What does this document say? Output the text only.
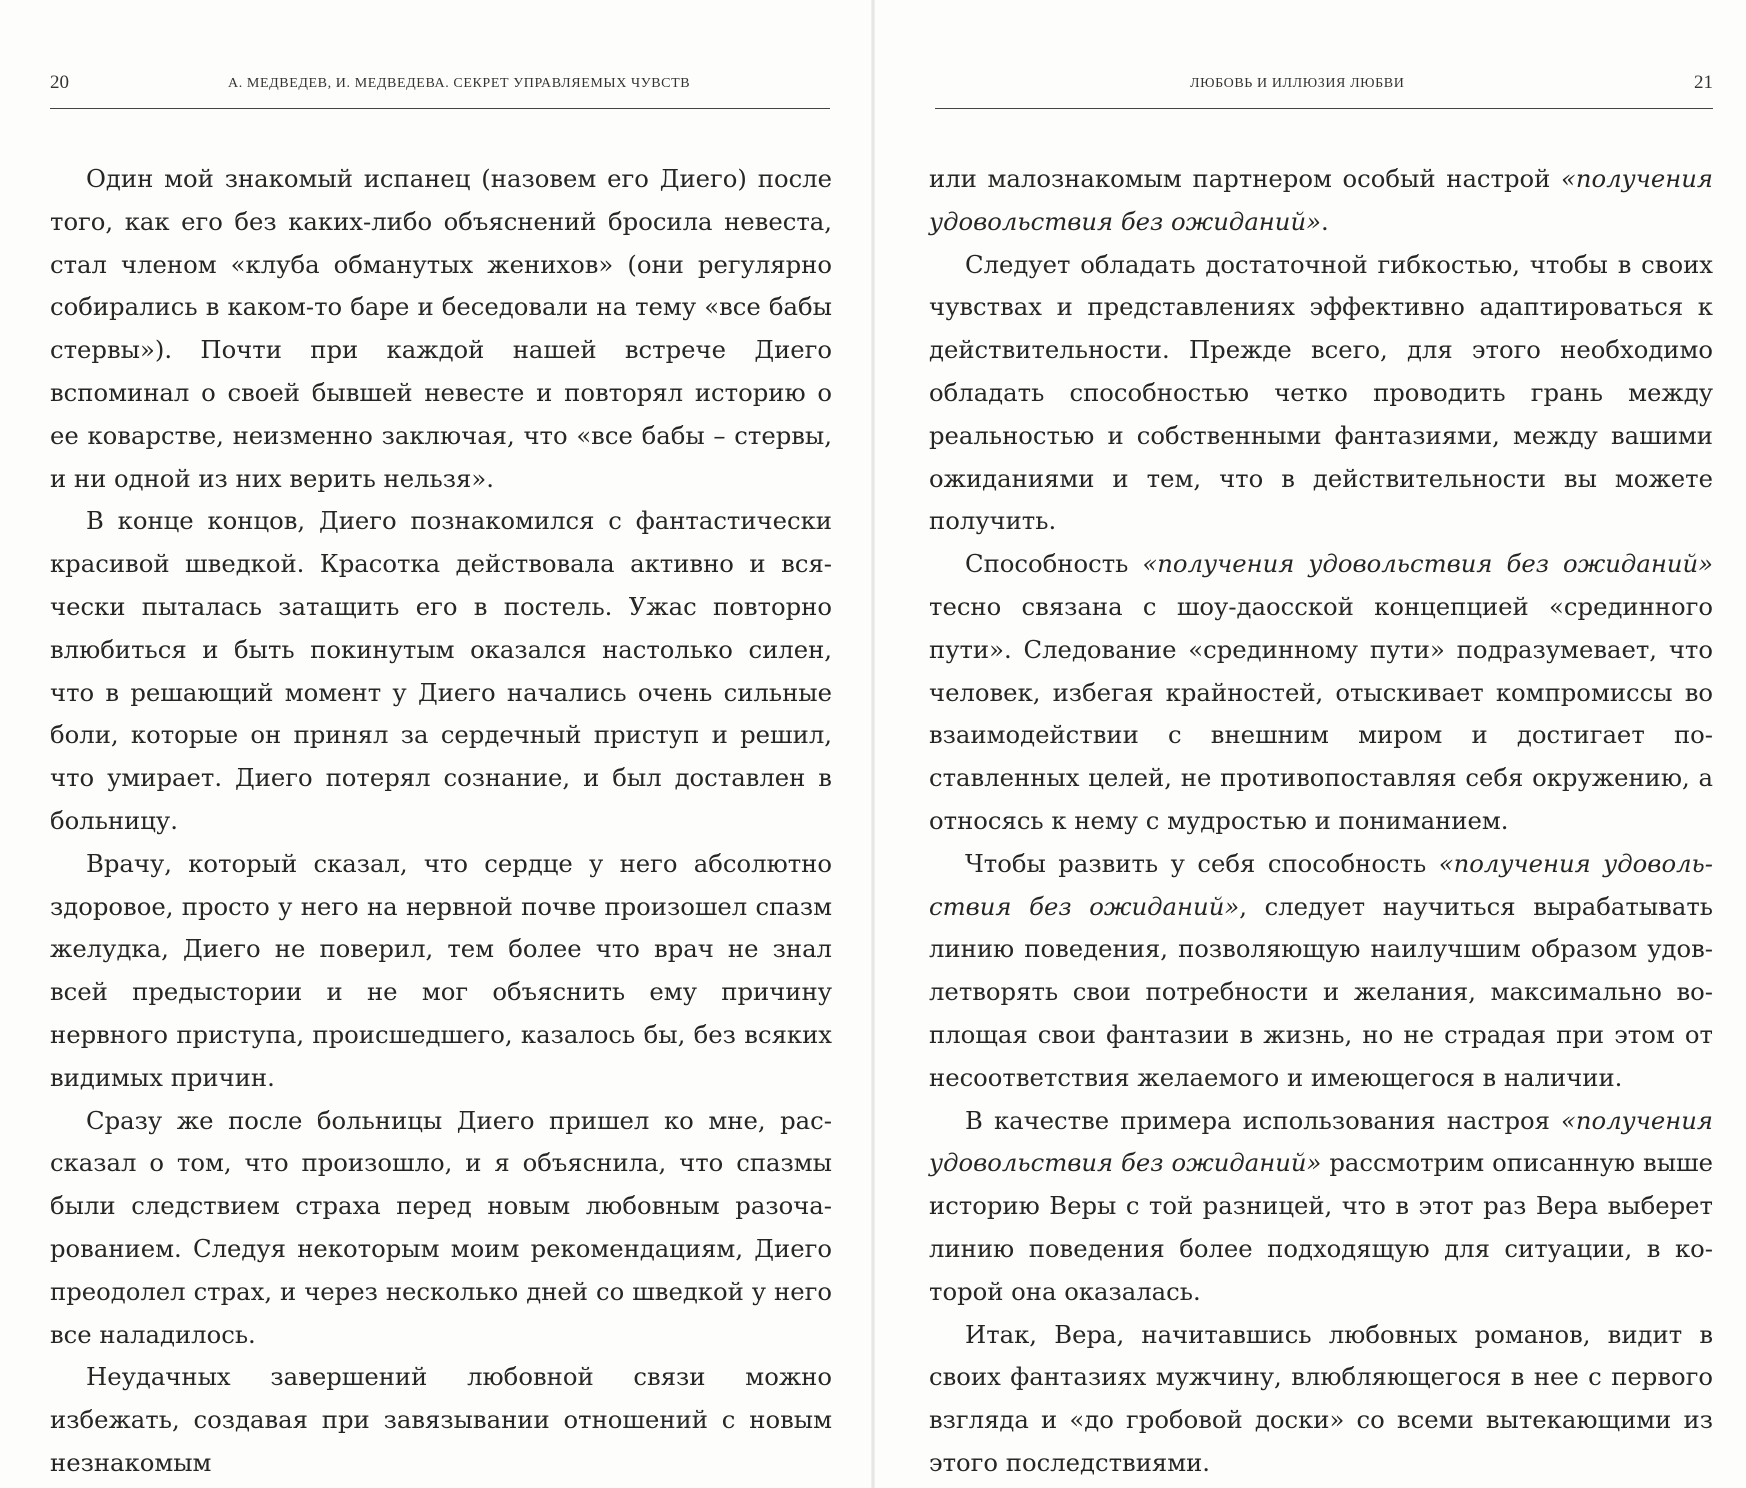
20	А. МЕДВЕДЕВ, И. МЕДВЕДЕВА. СЕКРЕТ УПРАВЛЯЕМЫХ ЧУВСТВ

Один мой знакомый испанец (назовем его Диего) после того, как его без каких-либо объяснений бросила невеста, стал членом «клуба обманутых женихов» (они регулярно собирались в каком-то баре и беседовали на тему «все бабы стервы»). Почти при каждой нашей встрече Диего вспоминал о своей бывшей невесте и повторял историю о ее коварстве, неизменно заключая, что «все бабы – стервы, и ни одной из них верить нельзя».

В конце концов, Диего познакомился с фантастически красивой шведкой. Красотка действовала активно и всячески пыталась затащить его в постель. Ужас повторно влюбиться и быть покинутым оказался настолько силен, что в решающий момент у Диего начались очень сильные боли, которые он принял за сердечный приступ и решил, что умирает. Диего потерял сознание, и был доставлен в больницу.

Врачу, который сказал, что сердце у него абсолютно здоровое, просто у него на нервной почве произошел спазм желудка, Диего не поверил, тем более что врач не знал всей предыстории и не мог объяснить ему причину нервного приступа, происшедшего, казалось бы, без всяких видимых причин.

Сразу же после больницы Диего пришел ко мне, рассказал о том, что произошло, и я объяснила, что спазмы были следствием страха перед новым любовным разочарованием. Следуя некоторым моим рекомендациям, Диего преодолел страх, и через несколько дней со шведкой у него все наладилось.

Неудачных завершений любовной связи можно избежать, создавая при завязывании отношений с новым незнакомым

ЛЮБОВЬ И ИЛЛЮЗИЯ ЛЮБВИ	21

или малознакомым партнером особый настрой «получения удовольствия без ожиданий».

Следует обладать достаточной гибкостью, чтобы в своих чувствах и представлениях эффективно адаптироваться к действительности. Прежде всего, для этого необходимо обладать способностью четко проводить грань между реальностью и собственными фантазиями, между вашими ожиданиями и тем, что в действительности вы можете получить.

Способность «получения удовольствия без ожиданий» тесно связана с шоу-даосской концепцией «срединного пути». Следование «срединному пути» подразумевает, что человек, избегая крайностей, отыскивает компромиссы во взаимодействии с внешним миром и достигает поставленных целей, не противопоставляя себя окружению, а относясь к нему с мудростью и пониманием.

Чтобы развить у себя способность «получения удовольствия без ожиданий», следует научиться вырабатывать линию поведения, позволяющую наилучшим образом удовлетворять свои потребности и желания, максимально воплощая свои фантазии в жизнь, но не страдая при этом от несоответствия желаемого и имеющегося в наличии.

В качестве примера использования настроя «получения удовольствия без ожиданий» рассмотрим описанную выше историю Веры с той разницей, что в этот раз Вера выберет линию поведения более подходящую для ситуации, в которой она оказалась.

Итак, Вера, начитавшись любовных романов, видит в своих фантазиях мужчину, влюбляющегося в нее с первого взгляда и «до гробовой доски» со всеми вытекающими из этого последствиями.
